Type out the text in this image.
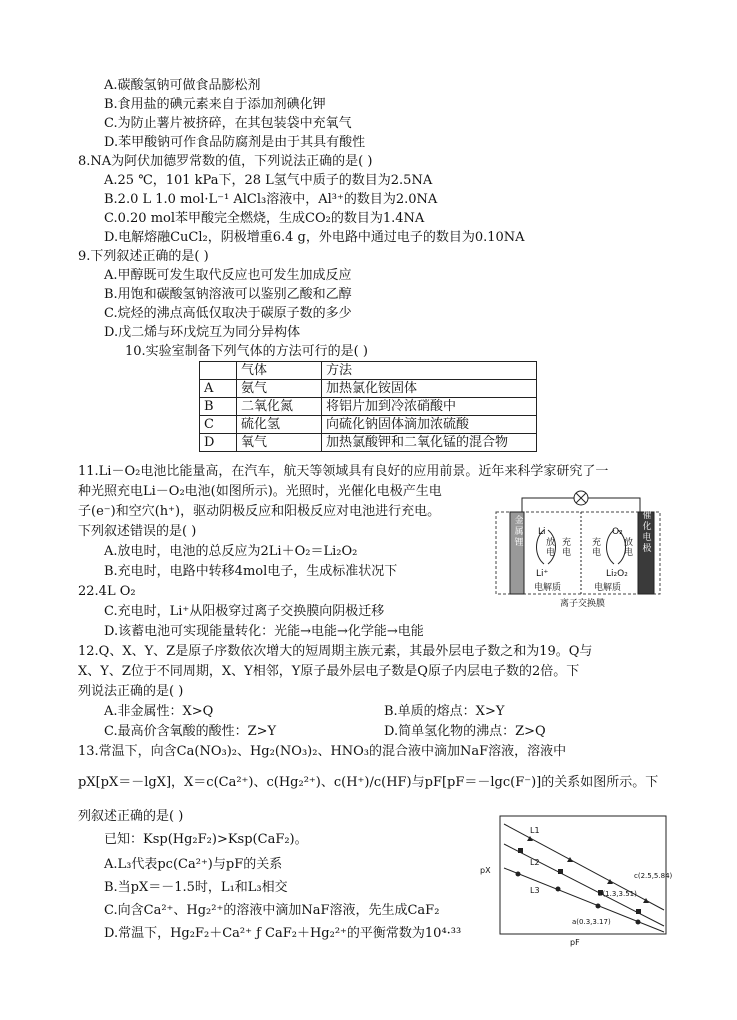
A.碳酸氢钠可做食品膨松剂
B.食用盐的碘元素来自于添加剂碘化钾
C.为防止薯片被挤碎，在其包装袋中充氧气
D.苯甲酸钠可作食品防腐剂是由于其具有酸性
8.NA为阿伏加德罗常数的值，下列说法正确的是( )
A.25 ℃，101 kPa下，28 L氢气中质子的数目为2.5NA
B.2.0 L 1.0 mol·L⁻¹ AlCl₃溶液中，Al³⁺的数目为2.0NA
C.0.20 mol苯甲酸完全燃烧，生成CO₂的数目为1.4NA
D.电解熔融CuCl₂，阴极增重6.4 g，外电路中通过电子的数目为0.10NA
9.下列叙述正确的是( )
A.甲醇既可发生取代反应也可发生加成反应
B.用饱和碳酸氢钠溶液可以鉴别乙酸和乙醇
C.烷烃的沸点高低仅取决于碳原子数的多少
D.戊二烯与环戊烷互为同分异构体
10.实验室制备下列气体的方法可行的是( )
	气体	方法
A	氨气	加热氯化铵固体
B	二氧化氮	将铝片加到冷浓硝酸中
C	硫化氢	向硫化钠固体滴加浓硫酸
D	氧气	加热氯酸钾和二氧化锰的混合物
11.Li－O₂电池比能量高，在汽车，航天等领域具有良好的应用前景。近年来科学家研究了一
种光照充电Li－O₂电池(如图所示)。光照时，光催化电极产生电
子(e⁻)和空穴(h⁺)，驱动阴极反应和阳极反应对电池进行充电。
下列叙述错误的是( )
A.放电时，电池的总反应为2Li＋O₂＝Li₂O₂
B.充电时，电路中转移4mol电子，生成标准状况下
22.4L O₂
C.充电时，Li⁺从阳极穿过离子交换膜向阴极迁移
D.该蓄电池可实现能量转化：光能→电能→化学能→电能
金属锂
光催化电极
Li
Li⁺
放电
充电
充电
放电
O₂
Li₂O₂
电解质	电解质
离子交换膜
12.Q、X、Y、Z是原子序数依次增大的短周期主族元素，其最外层电子数之和为19。Q与
X、Y、Z位于不同周期，X、Y相邻，Y原子最外层电子数是Q原子内层电子数的2倍。下
列说法正确的是( )
A.非金属性：X>Q	B.单质的熔点：X>Y
C.最高价含氧酸的酸性：Z>Y	D.简单氢化物的沸点：Z>Q
13.常温下，向含Ca(NO₃)₂、Hg₂(NO₃)₂、HNO₃的混合液中滴加NaF溶液，溶液中
pX[pX＝－lgX]，X＝c(Ca²⁺)、c(Hg₂²⁺)、c(H⁺)/c(HF)与pF[pF＝－lgc(F⁻)]的关系如图所示。下
列叙述正确的是( )
已知：Ksp(Hg₂F₂)>Ksp(CaF₂)。
A.L₃代表pc(Ca²⁺)与pF的关系
B.当pX＝－1.5时，L₁和L₃相交
C.向含Ca²⁺、Hg₂²⁺的溶液中滴加NaF溶液，先生成CaF₂
D.常温下，Hg₂F₂＋Ca²⁺ ƒ CaF₂＋Hg₂²⁺的平衡常数为10⁴·³³
pX
pF
L1
L2
L3
c(2.5,5.84)
b(1.3,3.51)
a(0.3,3.17)
